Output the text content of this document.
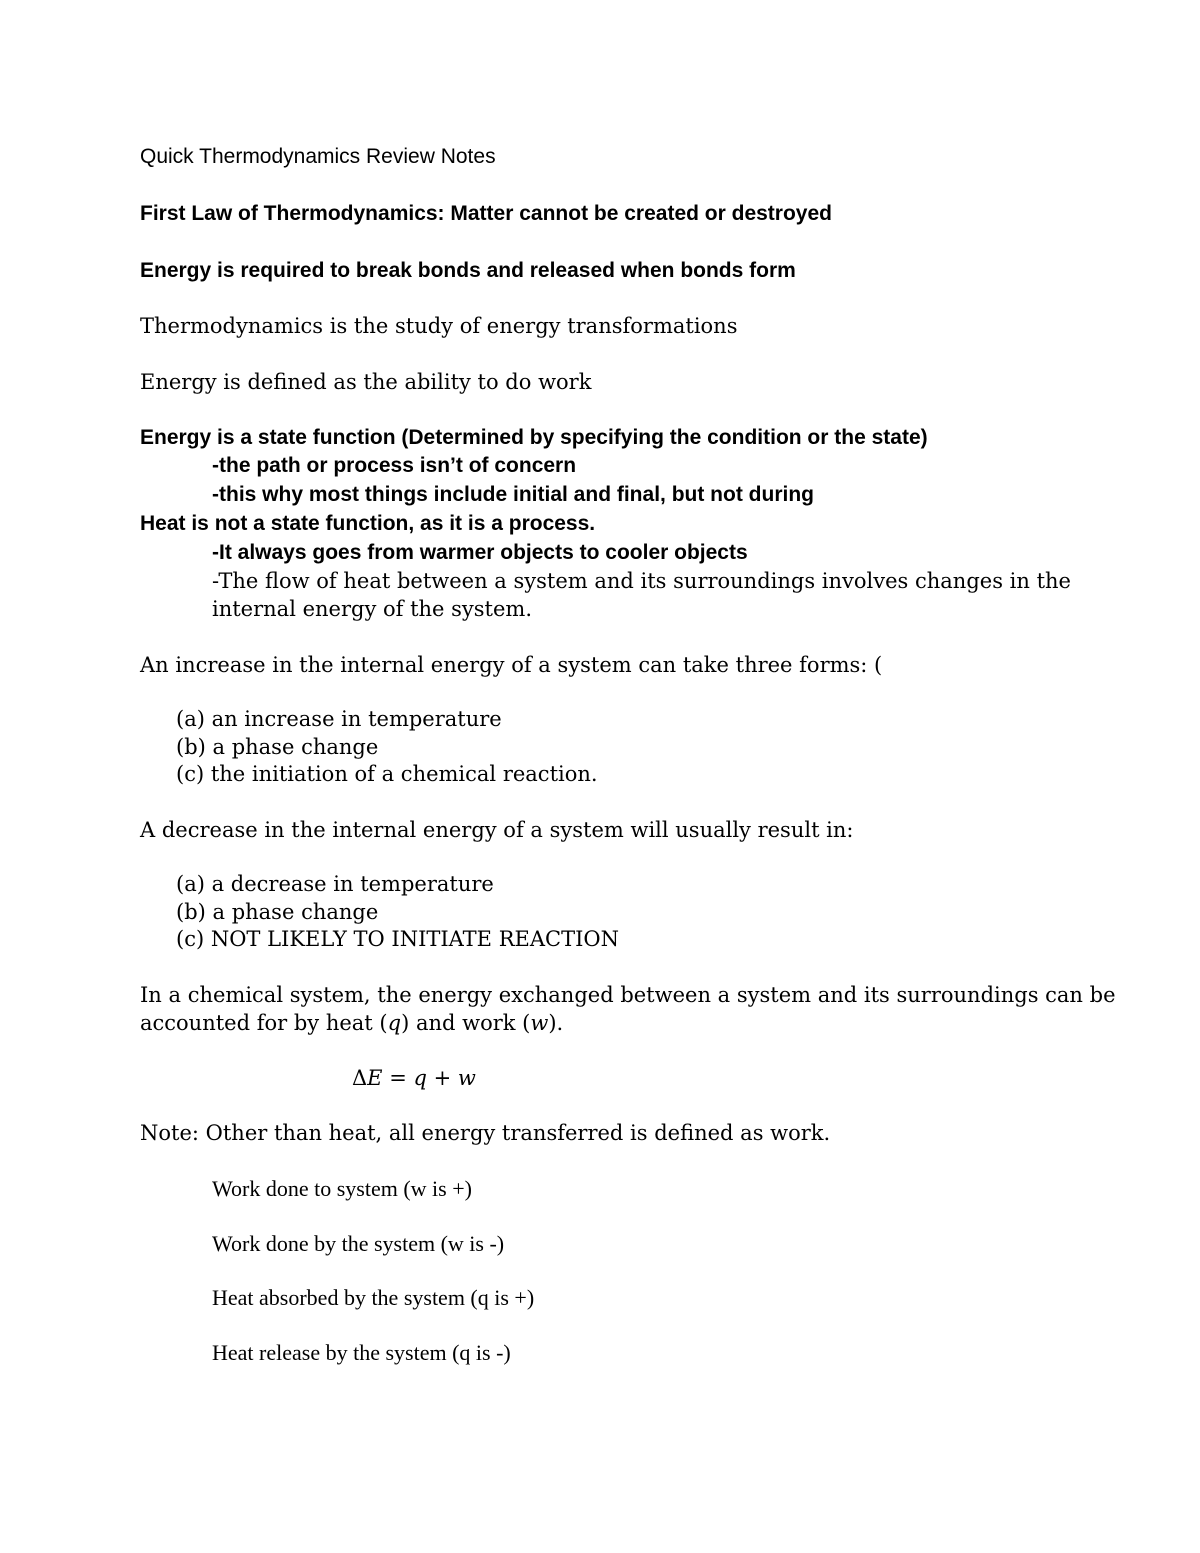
Quick Thermodynamics Review Notes
First Law of Thermodynamics: Matter cannot be created or destroyed
Energy is required to break bonds and released when bonds form
Thermodynamics is the study of energy transformations
Energy is defined as the ability to do work
Energy is a state function (Determined by specifying the condition or the state)
-the path or process isn’t of concern
-this why most things include initial and final, but not during
Heat is not a state function, as it is a process.
-It always goes from warmer objects to cooler objects
-The flow of heat between a system and its surroundings involves changes in the
internal energy of the system.
An increase in the internal energy of a system can take three forms: (
(a) an increase in temperature
(b) a phase change
(c) the initiation of a chemical reaction.
A decrease in the internal energy of a system will usually result in:
(a) a decrease in temperature
(b) a phase change
(c) NOT LIKELY TO INITIATE REACTION
In a chemical system, the energy exchanged between a system and its surroundings can be
accounted for by heat (q) and work (w).
ΔE = q + w
Note: Other than heat, all energy transferred is defined as work.
Work done to system (w is +)
Work done by the system (w is -)
Heat absorbed by the system (q is +)
Heat release by the system (q is -)
